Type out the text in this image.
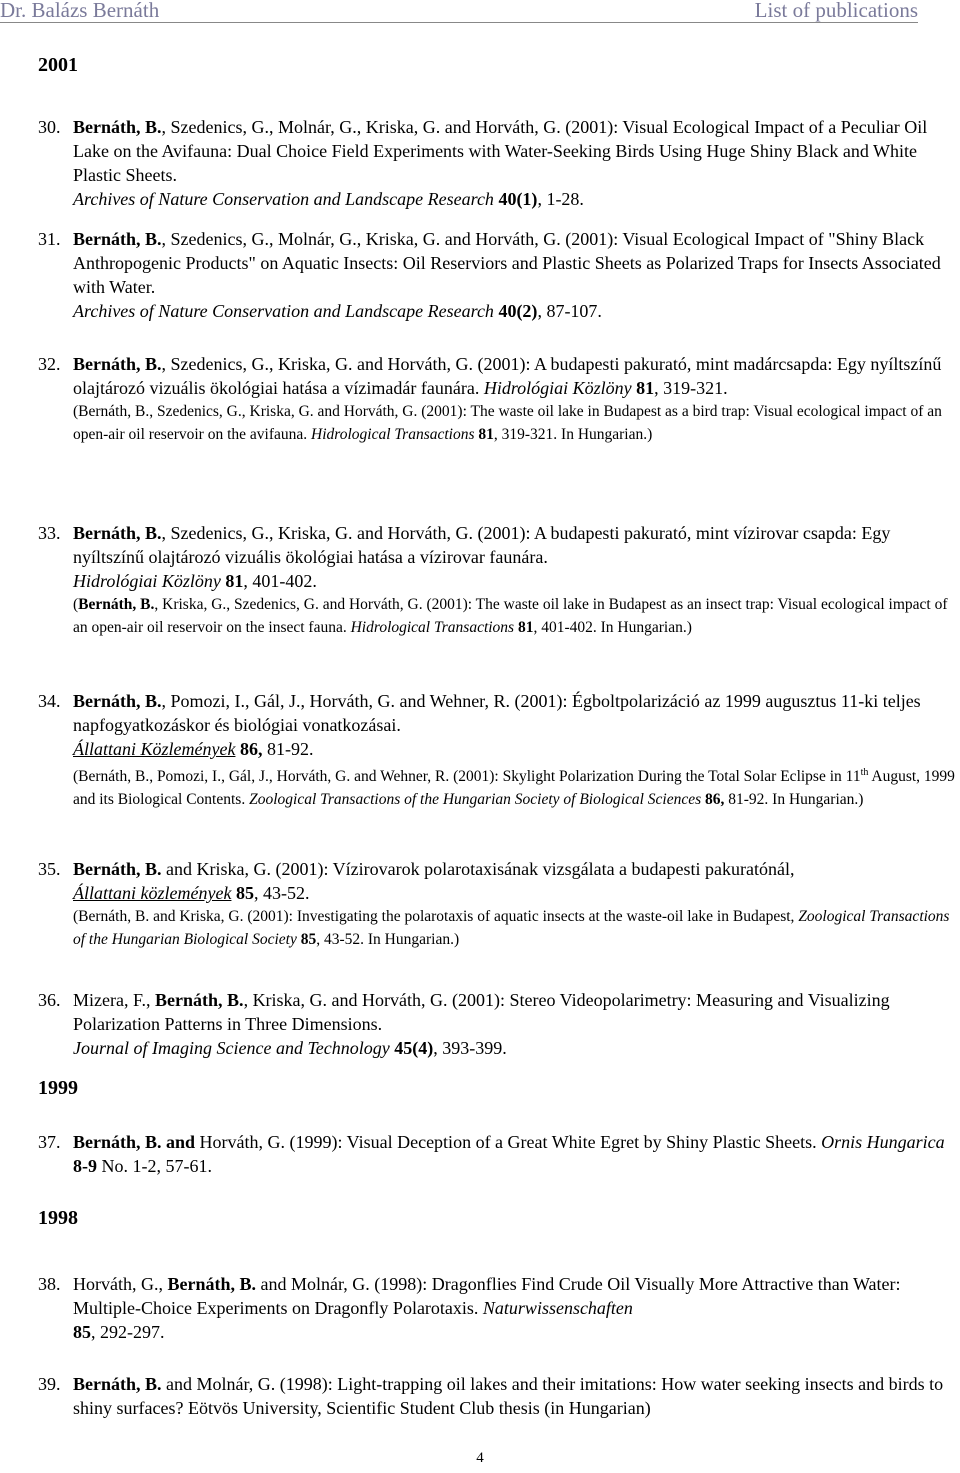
Dr. Balázs Bernáth	List of publications
2001
30. Bernáth, B., Szedenics, G., Molnár, G., Kriska, G. and Horváth, G. (2001): Visual Ecological Impact of a Peculiar Oil Lake on the Avifauna: Dual Choice Field Experiments with Water-Seeking Birds Using Huge Shiny Black and White Plastic Sheets.
Archives of Nature Conservation and Landscape Research 40(1), 1-28.
31. Bernáth, B., Szedenics, G., Molnár, G., Kriska, G. and Horváth, G. (2001): Visual Ecological Impact of "Shiny Black Anthropogenic Products" on Aquatic Insects: Oil Reserviors and Plastic Sheets as Polarized Traps for Insects Associated with Water.
Archives of Nature Conservation and Landscape Research 40(2), 87-107.
32. Bernáth, B., Szedenics, G., Kriska, G. and Horváth, G. (2001): A budapesti pakurató, mint madárcsapda: Egy nyíltszínű olajtározó vizuális ökológiai hatása a vízimadár faunára. Hidrológiai Közlöny 81, 319-321.
(Bernáth, B., Szedenics, G., Kriska, G. and Horváth, G. (2001): The waste oil lake in Budapest as a bird trap: Visual ecological impact of an open-air oil reservoir on the avifauna. Hidrological Transactions 81, 319-321. In Hungarian.)
33. Bernáth, B., Szedenics, G., Kriska, G. and Horváth, G. (2001): A budapesti pakurató, mint vízirovar csapda: Egy nyíltszínű olajtározó vizuális ökológiai hatása a vízirovar faunára.
Hidrológiai Közlöny 81, 401-402.
(Bernáth, B., Kriska, G., Szedenics, G. and Horváth, G. (2001): The waste oil lake in Budapest as an insect trap: Visual ecological impact of an open-air oil reservoir on the insect fauna. Hidrological Transactions 81, 401-402. In Hungarian.)
34. Bernáth, B., Pomozi, I., Gál, J., Horváth, G. and Wehner, R. (2001): Égboltpolarizáció az 1999 augusztus 11-ki teljes napfogyatkozáskor és biológiai vonatkozásai.
Állattani Közlemények 86, 81-92.
(Bernáth, B., Pomozi, I., Gál, J., Horváth, G. and Wehner, R. (2001): Skylight Polarization During the Total Solar Eclipse in 11th August, 1999 and its Biological Contents. Zoological Transactions of the Hungarian Society of Biological Sciences 86, 81-92. In Hungarian.)
35. Bernáth, B. and Kriska, G. (2001): Vízirovarok polarotaxisának vizsgálata a budapesti pakuratónál,
Állattani közlemények 85, 43-52.
(Bernáth, B. and Kriska, G. (2001): Investigating the polarotaxis of aquatic insects at the waste-oil lake in Budapest, Zoological Transactions of the Hungarian Biological Society 85, 43-52. In Hungarian.)
36. Mizera, F., Bernáth, B., Kriska, G. and Horváth, G. (2001): Stereo Videopolarimetry: Measuring and Visualizing Polarization Patterns in Three Dimensions.
Journal of Imaging Science and Technology 45(4), 393-399.
1999
37. Bernáth, B. and Horváth, G. (1999): Visual Deception of a Great White Egret by Shiny Plastic Sheets. Ornis Hungarica 8-9 No. 1-2, 57-61.
1998
38. Horváth, G., Bernáth, B. and Molnár, G. (1998): Dragonflies Find Crude Oil Visually More Attractive than Water: Multiple-Choice Experiments on Dragonfly Polarotaxis. Naturwissenschaften
85, 292-297.
39. Bernáth, B. and Molnár, G. (1998): Light-trapping oil lakes and their imitations: How water seeking insects and birds to shiny surfaces? Eötvös University, Scientific Student Club thesis (in Hungarian)
4
